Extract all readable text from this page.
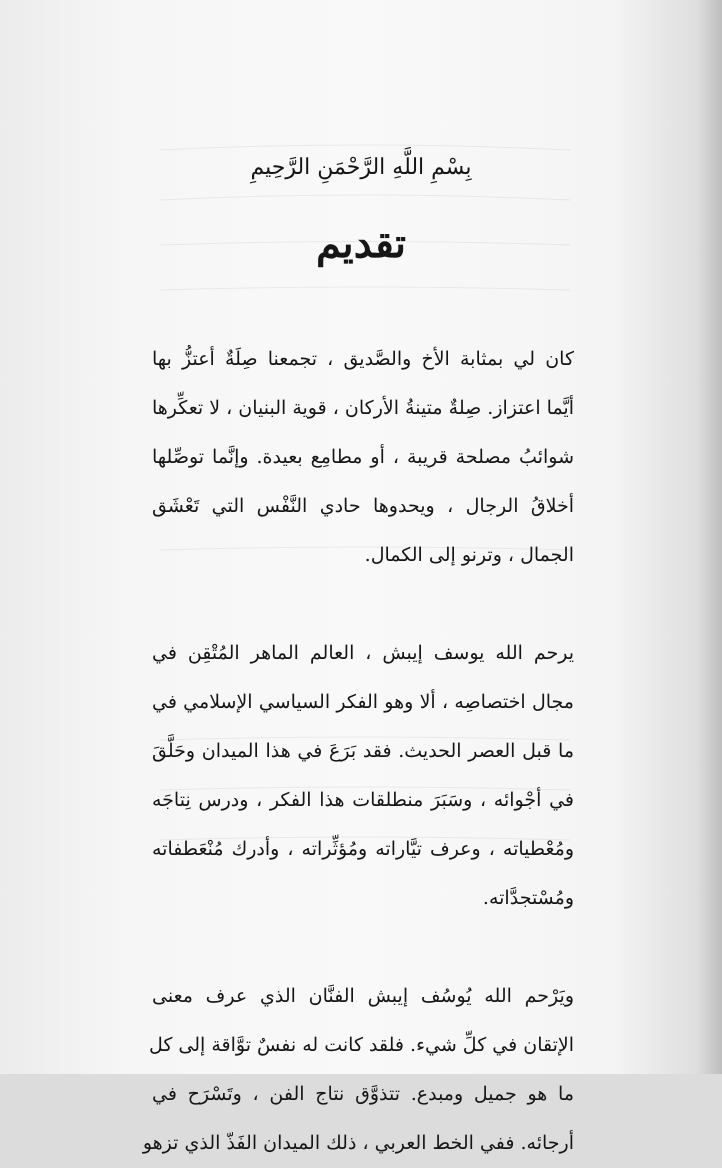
بِسْمِ اللَّهِ الرَّحْمَنِ الرَّحِيمِ
تقديم

كان لي بمثابة الأخ والصَّديق ، تجمعنا صِلَةٌ أعتزُّ بها

أيَّما اعتزاز. صِلةٌ متينةُ الأركان ، قوية البنيان ، لا تعكِّرها

شوائبُ مصلحة قريبة ، أو مطامِع بعيدة. وإنَّما توصِّلها

أخلاقُ الرجال ، ويحدوها حادي النَّفْس التي تَعْشَق

الجمال ، وترنو إلى الكمال.

يرحم الله يوسف إيبش ، العالم الماهر المُتْقِن في

مجال اختصاصِه ، ألا وهو الفكر السياسي الإسلامي في

ما قبل العصر الحديث. فقد بَرَعَ في هذا الميدان وحَلَّقَ

في أجْوائه ، وسَبَرَ منطلقات هذا الفكر ، ودرس نِتاجَه

ومُعْطياته ، وعرف تيَّاراته ومُؤثِّراته ، وأدرك مُنْعَطفاته

ومُسْتجدَّاته.

ويَرْحم الله يُوسُف إيبش الفنَّان الذي عرف معنى

الإتقان في كلِّ شيء. فلقد كانت له نفسٌ توَّاقة إلى كل

ما هو جميل ومبدع. تتذوَّق نتاج الفن ، وتَسْرَح في

أرجائه. ففي الخط العربي ، ذلك الميدان الفَذّ الذي تزهو
